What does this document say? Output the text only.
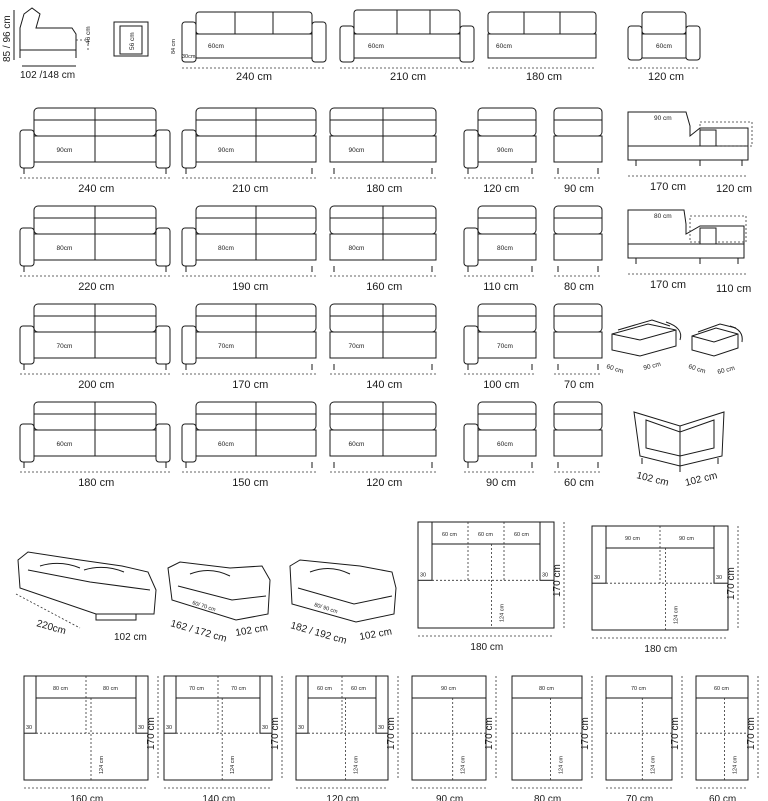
85 / 96 cm
102 /148 cm
46 cm	56 cm	60cm
30cm
84 cm
240 cm
60cm
210 cm
60cm
180 cm
60cm
120 cm
90cm
240 cm
90cm
210 cm
90cm
180 cm
90cm
120 cm	90 cm
80cm
220 cm
80cm
190 cm
80cm
160 cm
80cm
110 cm	80 cm
70cm
200 cm
70cm
170 cm
70cm
140 cm
70cm
100 cm	70 cm
60cm
180 cm
60cm
150 cm
60cm
120 cm
60cm
90 cm	60 cm
90 cm
170 cm	120 cm
80 cm
170 cm	110 cm
60 cm	90 cm	60 cm 60 cm
102 cm 102 cm
220cm
102 cm
60/ 70 cm
162 / 172 cm 102 cm
80/ 90 cm
182 / 192 cm 102 cm
60 cm	60 cm	60 cm
30	30
124 cm
170 cm
180 cm
90 cm	90 cm
30	30
124 cm
170 cm
180 cm
80 cm	80 cm
30	30
124 cm
170 cm
160 cm
70 cm	70 cm
30	30
124 cm
170 cm
140 cm
60 cm	60 cm
30	30
124 cm
170 cm
120 cm
90 cm
124 cm
170 cm
90 cm
80 cm
124 cm
170 cm
80 cm
70 cm
124 cm
170 cm
70 cm
60 cm
124 cm
170 cm
60 cm
